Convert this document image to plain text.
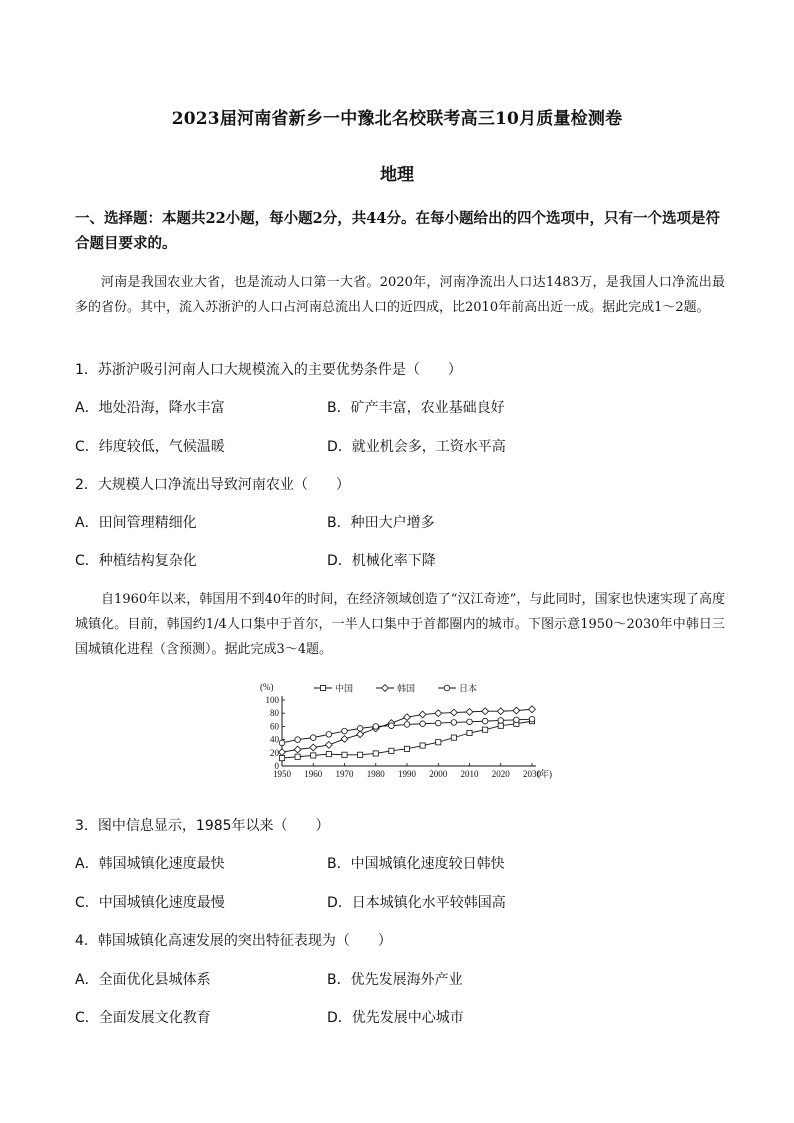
2023届河南省新乡一中豫北名校联考高三10月质量检测卷
地理
一、选择题：本题共22小题，每小题2分，共44分。在每小题给出的四个选项中，只有一个选项是符合题目要求的。
河南是我国农业大省，也是流动人口第一大省。2020年，河南净流出人口达1483万，是我国人口净流出最多的省份。其中，流入苏浙沪的人口占河南总流出人口的近四成，比2010年前高出近一成。据此完成1～2题。
1．苏浙沪吸引河南人口大规模流入的主要优势条件是（　　）
A．地处沿海，降水丰富	B．矿产丰富，农业基础良好
C．纬度较低，气候温暖	D．就业机会多，工资水平高
2．大规模人口净流出导致河南农业（　　）
A．田间管理精细化	B．种田大户增多
C．种植结构复杂化	D．机械化率下降
自1960年以来，韩国用不到40年的时间，在经济领域创造了“汉江奇迹”，与此同时，国家也快速实现了高度城镇化。目前，韩国约1/4人口集中于首尔，一半人口集中于首都圈内的城市。下图示意1950～2030年中韩日三国城镇化进程（含预测）。据此完成3～4题。
0
20
40
60
80
100
1950 1960 1970 1980 1990 2000 2010 2020 2030
(%)
(年)
中国	韩国	日本
3．图中信息显示，1985年以来（　　）
A．韩国城镇化速度最快	B．中国城镇化速度较日韩快
C．中国城镇化速度最慢	D．日本城镇化水平较韩国高
4．韩国城镇化高速发展的突出特征表现为（　　）
A．全面优化县城体系	B．优先发展海外产业
C．全面发展文化教育	D．优先发展中心城市
